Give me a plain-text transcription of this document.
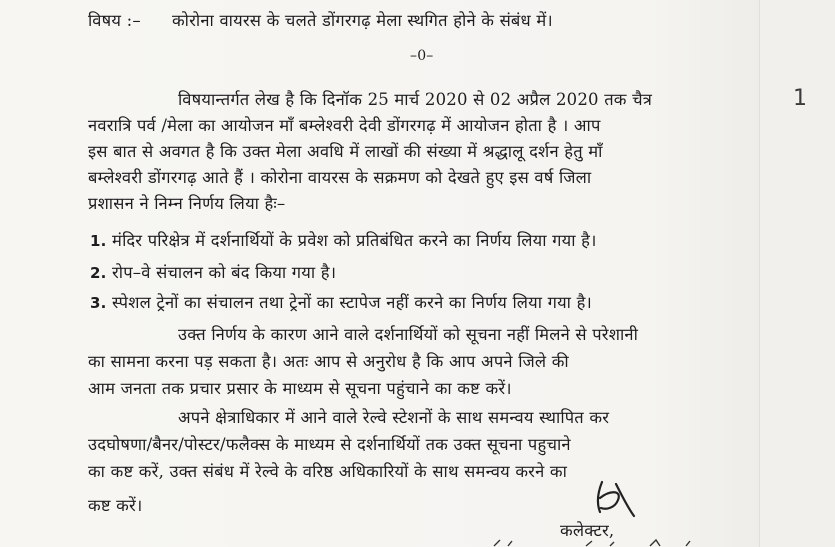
विषय :– कोरोना वायरस के चलते डोंगरगढ़ मेला स्थगित होने के संबंध में।
–0–
विषयान्तर्गत लेख है कि दिनॉक 25 मार्च 2020 से 02 अप्रैल 2020 तक चैत्र
नवरात्रि पर्व /मेला का आयोजन माँ बम्लेश्वरी देवी डोंगरगढ़ में आयोजन होता है । आप
इस बात से अवगत है कि उक्त मेला अवधि में लाखों की संख्या में श्रद्धालू दर्शन हेतु माँ
बम्लेश्वरी डोंगरगढ़ आते हैं । कोरोना वायरस के सक्रमण को देखते हुए इस वर्ष जिला
प्रशासन ने निम्न निर्णय लिया हैः–
1. मंदिर परिक्षेत्र में दर्शनार्थियों के प्रवेश को प्रतिबंधित करने का निर्णय लिया गया है।
2. रोप–वे संचालन को बंद किया गया है।
3. स्पेशल ट्रेनों का संचालन तथा ट्रेनों का स्टापेज नहीं करने का निर्णय लिया गया है।
उक्त निर्णय के कारण आने वाले दर्शनार्थियों को सूचना नहीं मिलने से परेशानी
का सामना करना पड़ सकता है। अतः आप से अनुरोध है कि आप अपने जिले की
आम जनता तक प्रचार प्रसार के माध्यम से सूचना पहुंचाने का कष्ट करें।
अपने क्षेत्राधिकार में आने वाले रेल्वे स्टेशनों के साथ समन्वय स्थापित कर
उदघोषणा/बैनर/पोस्टर/फलैक्स के माध्यम से दर्शनार्थियों तक उक्त सूचना पहुचाने
का कष्ट करें, उक्त संबंध में रेल्वे के वरिष्ठ अधिकारियों के साथ समन्वय करने का
कष्ट करें।
कलेक्टर,
1
